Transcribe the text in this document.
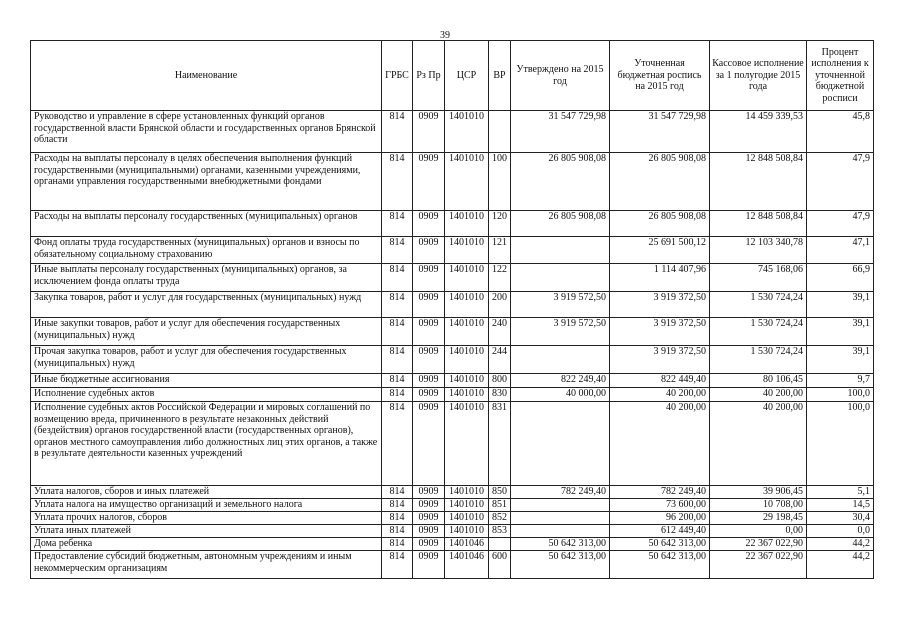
39
Наименование	ГРБС	Рз Пр	ЦСР	ВР	Утверждено на 2015 год	Уточненная бюджетная роспись на 2015 год	Кассовое исполнение за 1 полугодие 2015 года	Процент исполнения к уточненной бюджетной росписи
Руководство и управление в сфере установленных функций органов государственной власти Брянской области и государственных органов Брянской области	814	0909	1401010		31 547 729,98	31 547 729,98	14 459 339,53	45,8
Расходы на выплаты персоналу в целях обеспечения выполнения функций государственными (муниципальными) органами, казенными учреждениями, органами управления государственными внебюджетными фондами	814	0909	1401010	100	26 805 908,08	26 805 908,08	12 848 508,84	47,9
Расходы на выплаты персоналу государственных (муниципальных) органов	814	0909	1401010	120	26 805 908,08	26 805 908,08	12 848 508,84	47,9
Фонд оплаты труда государственных (муниципальных) органов и взносы по обязательному социальному страхованию	814	0909	1401010	121		25 691 500,12	12 103 340,78	47,1
Иные выплаты персоналу государственных (муниципальных) органов, за исключением фонда оплаты труда	814	0909	1401010	122		1 114 407,96	745 168,06	66,9
Закупка товаров, работ и услуг для государственных (муниципальных) нужд	814	0909	1401010	200	3 919 572,50	3 919 372,50	1 530 724,24	39,1
Иные закупки товаров, работ и услуг для обеспечения государственных (муниципальных) нужд	814	0909	1401010	240	3 919 572,50	3 919 372,50	1 530 724,24	39,1
Прочая закупка товаров, работ и услуг для обеспечения государственных (муниципальных) нужд	814	0909	1401010	244		3 919 372,50	1 530 724,24	39,1
Иные бюджетные ассигнования	814	0909	1401010	800	822 249,40	822 449,40	80 106,45	9,7
Исполнение судебных актов	814	0909	1401010	830	40 000,00	40 200,00	40 200,00	100,0
Исполнение судебных актов Российской Федерации и мировых соглашений по возмещению вреда, причиненного в результате незаконных действий (бездействия) органов государственной власти (государственных органов), органов местного самоуправления либо должностных лиц этих органов, а также в результате деятельности казенных учреждений	814	0909	1401010	831		40 200,00	40 200,00	100,0
Уплата налогов, сборов и иных платежей	814	0909	1401010	850	782 249,40	782 249,40	39 906,45	5,1
Уплата налога на имущество организаций и земельного налога	814	0909	1401010	851		73 600,00	10 708,00	14,5
Уплата прочих налогов, сборов	814	0909	1401010	852		96 200,00	29 198,45	30,4
Уплата иных платежей	814	0909	1401010	853		612 449,40	0,00	0,0
Дома ребенка	814	0909	1401046		50 642 313,00	50 642 313,00	22 367 022,90	44,2
Предоставление субсидий бюджетным, автономным учреждениям и иным некоммерческим организациям	814	0909	1401046	600	50 642 313,00	50 642 313,00	22 367 022,90	44,2
